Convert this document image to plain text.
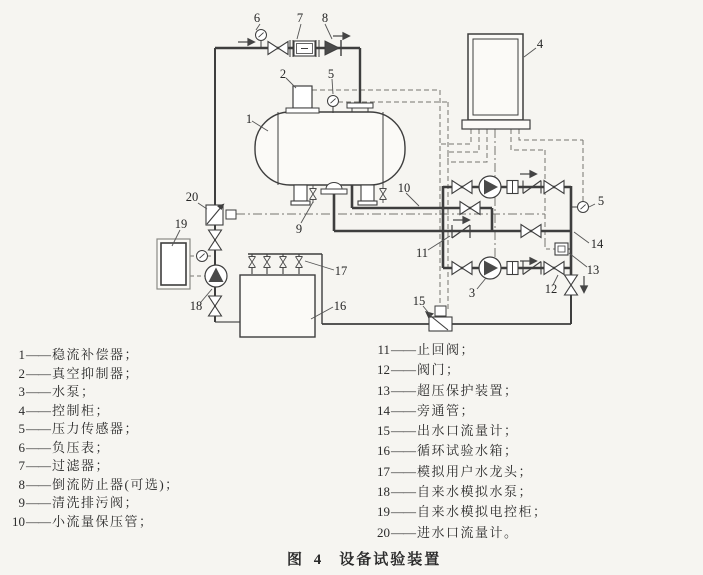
1
2
3
4
5
5
6	7 8
9
10
11
12
13
14
15
16
17
18
19
20
1 —— 稳流补偿器；
2 —— 真空抑制器；
3 —— 水泵；
4 —— 控制柜；
5 —— 压力传感器；
6 —— 负压表；
7 —— 过滤器；
8 —— 倒流防止器(可选)；
9 —— 清洗排污阀；
10 —— 小流量保压管；
11 —— 止回阀；
12 —— 阀门；
13 —— 超压保护装置；
14 —— 旁通管；
15 —— 出水口流量计；
16 —— 循环试验水箱；
17 —— 模拟用户水龙头；
18 —— 自来水模拟水泵；
19 —— 自来水模拟电控柜；
20 —— 进水口流量计。
图 4 设备试验装置
